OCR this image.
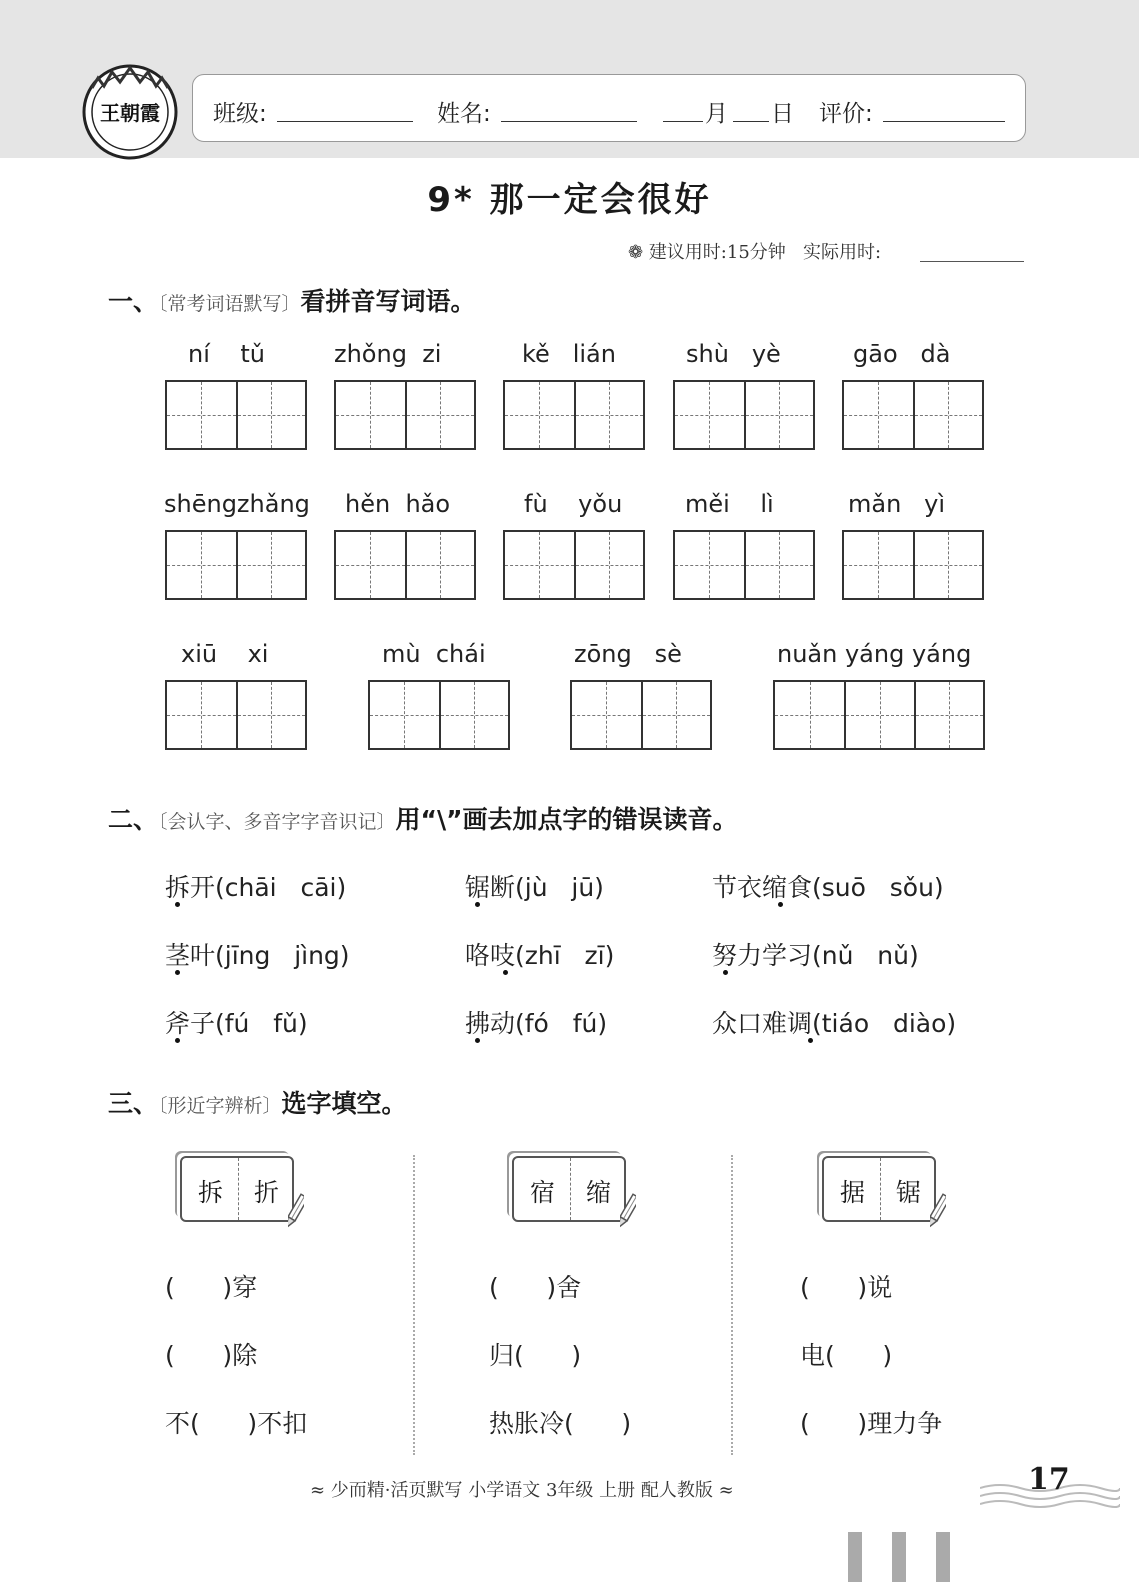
王朝霞 班级:	姓名:	月 日 评价:
9* 那一定会很好
❁ 建议用时:15分钟 实际用时:
一、〔常考词语默写〕看拼音写词语。
ní    tǔ	zhǒng  zi	kě   lián	shù   yè	gāo   dà
shēngzhǎng hěn  hǎo	fù    yǒu	měi    lì	mǎn   yì
xiū    xi	mù  chái	zōng   sè	nuǎn yáng yáng
二、〔会认字、多音字字音识记〕用“\”画去加点字的错误读音。
拆开(chāi   cāi)	锯断(jù   jū)	节衣缩食(suō   sǒu)
茎叶(jīng   jìng)	咯吱(zhī   zī)	努力学习(nǔ   nǔ)
斧子(fú   fǔ)	拂动(fó   fú)	众口难调(tiáo   diào)
三、〔形近字辨析〕选字填空。
拆 折
(      )穿
(      )除
不(      )不扣
宿 缩
(      )舍
归(      )
热胀冷(      )
据 锯
(      )说
电(      )
(      )理力争
≈ 少而精·活页默写 小学语文 3年级 上册 配人教版 ≈	17
